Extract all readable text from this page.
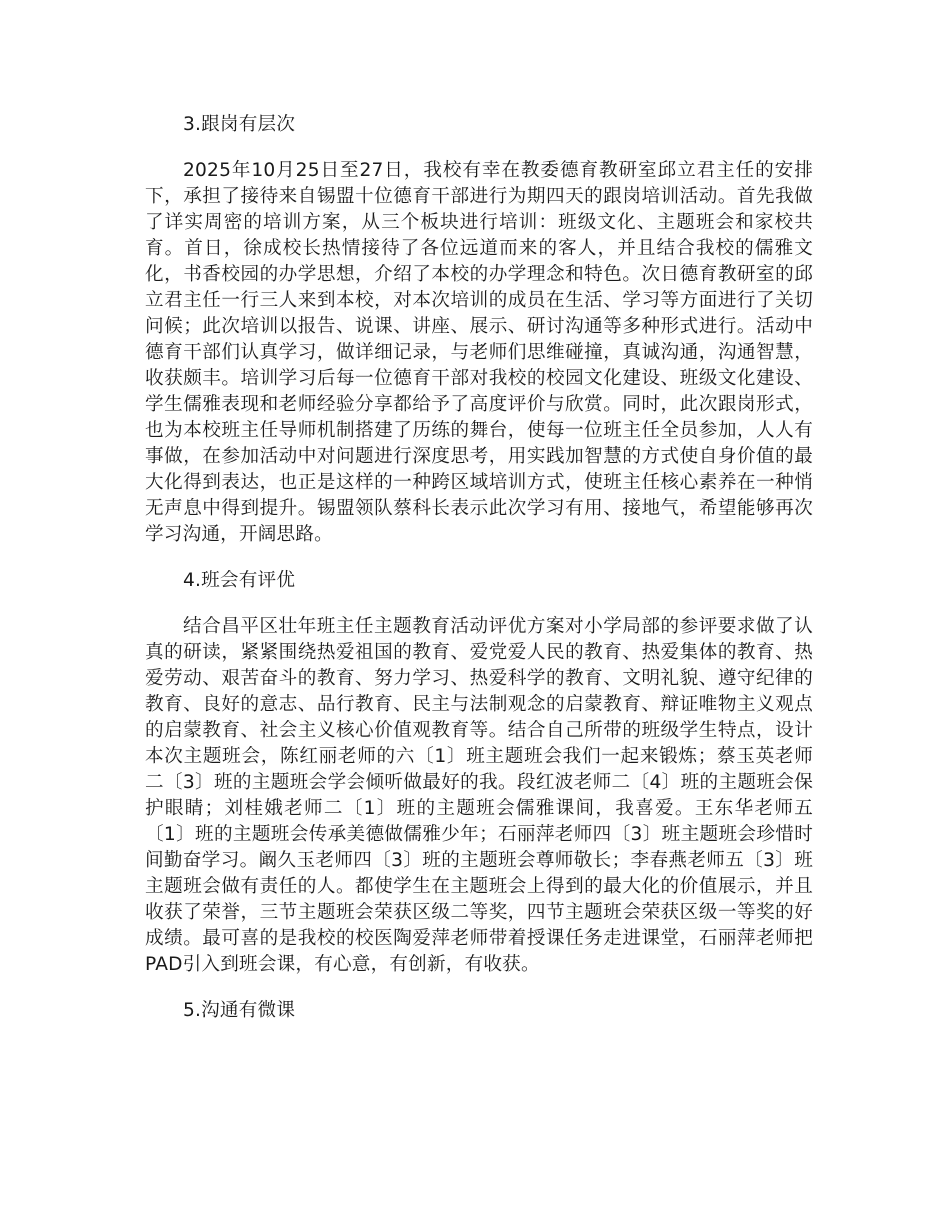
3.跟岗有层次

2025年10月25日至27日，我校有幸在教委德育教研室邱立君主任的安排下，承担了接待来自锡盟十位德育干部进行为期四天的跟岗培训活动。首先我做了详实周密的培训方案，从三个板块进行培训：班级文化、主题班会和家校共育。首日，徐成校长热情接待了各位远道而来的客人，并且结合我校的儒雅文化，书香校园的办学思想，介绍了本校的办学理念和特色。次日德育教研室的邱立君主任一行三人来到本校，对本次培训的成员在生活、学习等方面进行了关切问候；此次培训以报告、说课、讲座、展示、研讨沟通等多种形式进行。活动中德育干部们认真学习，做详细记录，与老师们思维碰撞，真诚沟通，沟通智慧，收获颇丰。培训学习后每一位德育干部对我校的校园文化建设、班级文化建设、学生儒雅表现和老师经验分享都给予了高度评价与欣赏。同时，此次跟岗形式，也为本校班主任导师机制搭建了历练的舞台，使每一位班主任全员参加，人人有事做，在参加活动中对问题进行深度思考，用实践加智慧的方式使自身价值的最大化得到表达，也正是这样的一种跨区域培训方式，使班主任核心素养在一种悄无声息中得到提升。锡盟领队蔡科长表示此次学习有用、接地气，希望能够再次学习沟通，开阔思路。

4.班会有评优

结合昌平区壮年班主任主题教育活动评优方案对小学局部的参评要求做了认真的研读，紧紧围绕热爱祖国的教育、爱党爱人民的教育、热爱集体的教育、热爱劳动、艰苦奋斗的教育、努力学习、热爱科学的教育、文明礼貌、遵守纪律的教育、良好的意志、品行教育、民主与法制观念的启蒙教育、辩证唯物主义观点的启蒙教育、社会主义核心价值观教育等。结合自己所带的班级学生特点，设计本次主题班会，陈红丽老师的六〔1〕班主题班会我们一起来锻炼；蔡玉英老师二〔3〕班的主题班会学会倾听做最好的我。段红波老师二〔4〕班的主题班会保护眼睛；刘桂娥老师二〔1〕班的主题班会儒雅课间，我喜爱。王东华老师五〔1〕班的主题班会传承美德做儒雅少年；石丽萍老师四〔3〕班主题班会珍惜时间勤奋学习。阚久玉老师四〔3〕班的主题班会尊师敬长；李春燕老师五〔3〕班主题班会做有责任的人。都使学生在主题班会上得到的最大化的价值展示，并且收获了荣誉，三节主题班会荣获区级二等奖，四节主题班会荣获区级一等奖的好成绩。最可喜的是我校的校医陶爱萍老师带着授课任务走进课堂，石丽萍老师把PAD引入到班会课，有心意，有创新，有收获。

5.沟通有微课
